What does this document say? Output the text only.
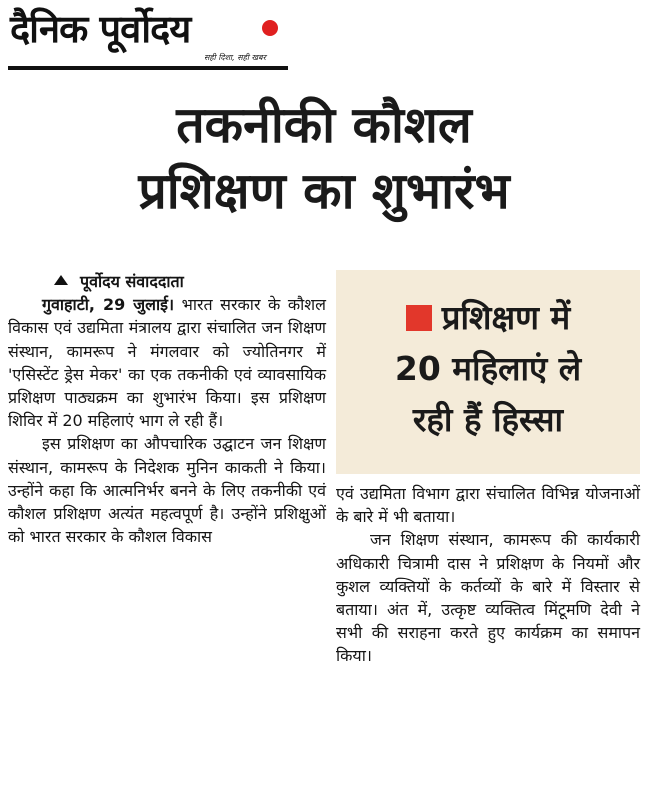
दैनिक पूर्वोदय
सही दिशा, सही खबर
तकनीकी कौशल
प्रशिक्षण का शुभारंभ
पूर्वोदय संवाददाता
गुवाहाटी, 29 जुलाई। भारत सरकार के कौशल विकास एवं उद्यमिता मंत्रालय द्वारा संचालित जन शिक्षण संस्थान, कामरूप ने मंगलवार को ज्योतिनगर में 'एसिस्टेंट ड्रेस मेकर' का एक तकनीकी एवं व्यावसायिक प्रशिक्षण पाठ्यक्रम का शुभारंभ किया। इस प्रशिक्षण शिविर में 20 महिलाएं भाग ले रही हैं।
इस प्रशिक्षण का औपचारिक उद्घाटन जन शिक्षण संस्थान, कामरूप के निदेशक मुनिन काकती ने किया। उन्होंने कहा कि आत्मनिर्भर बनने के लिए तकनीकी एवं कौशल प्रशिक्षण अत्यंत महत्वपूर्ण है। उन्होंने प्रशिक्षुओं को भारत सरकार के कौशल विकास
प्रशिक्षण में
20 महिलाएं ले
रही हैं हिस्सा
एवं उद्यमिता विभाग द्वारा संचालित विभिन्न योजनाओं के बारे में भी बताया।
जन शिक्षण संस्थान, कामरूप की कार्यकारी अधिकारी चित्रामी दास ने प्रशिक्षण के नियमों और कुशल व्यक्तियों के कर्तव्यों के बारे में विस्तार से बताया। अंत में, उत्कृष्ट व्यक्तित्व मिंटूमणि देवी ने सभी की सराहना करते हुए कार्यक्रम का समापन किया।
